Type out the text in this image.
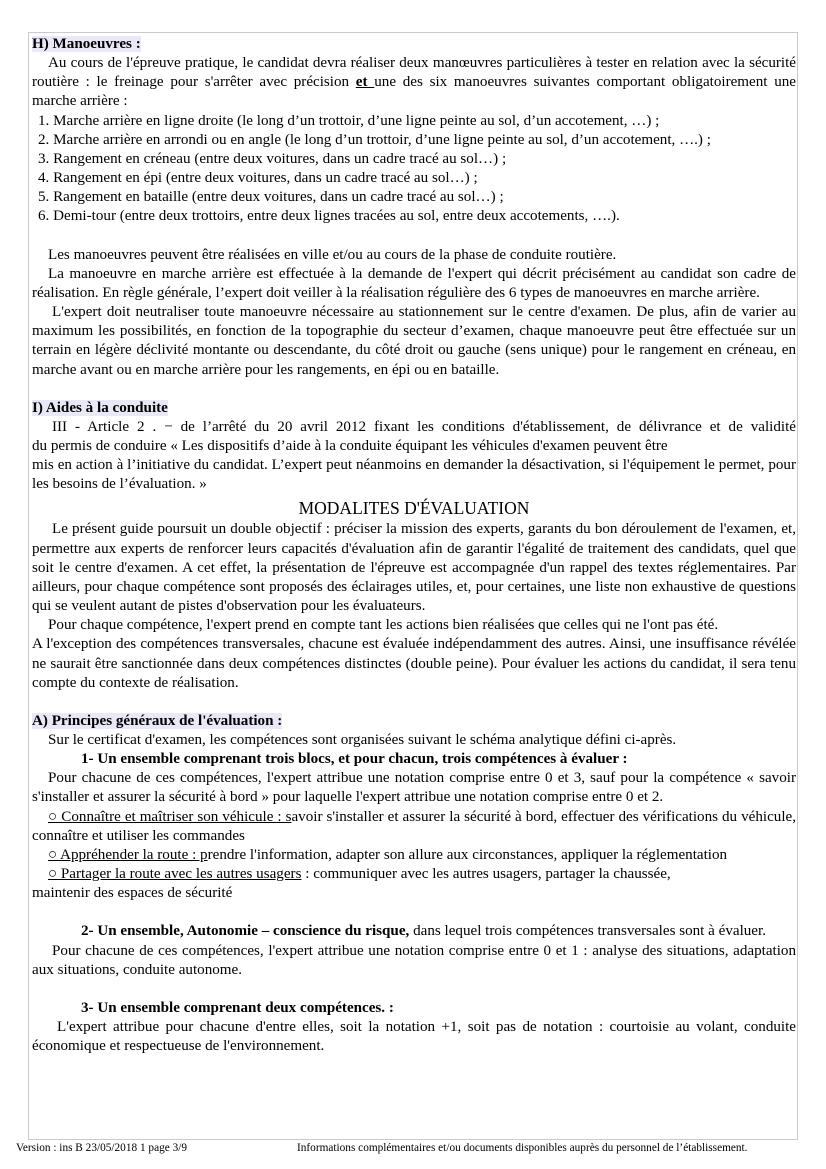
H) Manoeuvres :

Au cours de l'épreuve pratique, le candidat devra réaliser deux manœuvres particulières à tester en relation avec la sécurité routière : le freinage pour s'arrêter avec précision et une des six manoeuvres suivantes comportant obligatoirement une marche arrière :

1. Marche arrière en ligne droite (le long d’un trottoir, d’une ligne peinte au sol, d’un accotement, …) ;

2. Marche arrière en arrondi ou en angle (le long d’un trottoir, d’une ligne peinte au sol, d’un accotement, ….) ;

3. Rangement en créneau (entre deux voitures, dans un cadre tracé au sol…) ;

4. Rangement en épi (entre deux voitures, dans un cadre tracé au sol…) ;

5. Rangement en bataille (entre deux voitures, dans un cadre tracé au sol…) ;

6. Demi-tour (entre deux trottoirs, entre deux lignes tracées au sol, entre deux accotements, ….).

Les manoeuvres peuvent être réalisées en ville et/ou au cours de la phase de conduite routière.

La manoeuvre en marche arrière est effectuée à la demande de l'expert qui décrit précisément au candidat son cadre de réalisation. En règle générale, l’expert doit veiller à la réalisation régulière des 6 types de manoeuvres en marche arrière.

L'expert doit neutraliser toute manoeuvre nécessaire au stationnement sur le centre d'examen. De plus, afin de varier au maximum les possibilités, en fonction de la topographie du secteur d’examen, chaque manoeuvre peut être effectuée sur un terrain en légère déclivité montante ou descendante, du côté droit ou gauche (sens unique) pour le rangement en créneau, en marche avant ou en marche arrière pour les rangements, en épi ou en bataille.

I) Aides à la conduite

III - Article 2 . − de l’arrêté du 20 avril 2012 fixant les conditions d'établissement, de délivrance et de validité

du permis de conduire « Les dispositifs d’aide à la conduite équipant les véhicules d'examen peuvent être

mis en action à l’initiative du candidat. L’expert peut néanmoins en demander la désactivation, si l'équipement le permet, pour les besoins de l’évaluation. »

MODALITES D'ÉVALUATION

Le présent guide poursuit un double objectif : préciser la mission des experts, garants du bon déroulement de l'examen, et, permettre aux experts de renforcer leurs capacités d'évaluation afin de garantir l'égalité de traitement des candidats, quel que soit le centre d'examen. A cet effet, la présentation de l'épreuve est accompagnée d'un rappel des textes réglementaires. Par ailleurs, pour chaque compétence sont proposés des éclairages utiles, et, pour certaines, une liste non exhaustive de questions qui se veulent autant de pistes d'observation pour les évaluateurs.

Pour chaque compétence, l'expert prend en compte tant les actions bien réalisées que celles qui ne l'ont pas été.

A l'exception des compétences transversales, chacune est évaluée indépendamment des autres. Ainsi, une insuffisance révélée ne saurait être sanctionnée dans deux compétences distinctes (double peine). Pour évaluer les actions du candidat, il sera tenu compte du contexte de réalisation.

A) Principes généraux de l'évaluation :

Sur le certificat d'examen, les compétences sont organisées suivant le schéma analytique défini ci-après.

1- Un ensemble comprenant trois blocs, et pour chacun, trois compétences à évaluer :

Pour chacune de ces compétences, l'expert attribue une notation comprise entre 0 et 3, sauf pour la compétence « savoir s'installer et assurer la sécurité à bord » pour laquelle l'expert attribue une notation comprise entre 0 et 2.

○ Connaître et maîtriser son véhicule : savoir s'installer et assurer la sécurité à bord, effectuer des vérifications du véhicule, connaître et utiliser les commandes

○ Appréhender la route : prendre l'information, adapter son allure aux circonstances, appliquer la réglementation

○ Partager la route avec les autres usagers : communiquer avec les autres usagers, partager la chaussée,

maintenir des espaces de sécurité

2- Un ensemble, Autonomie – conscience du risque, dans lequel trois compétences transversales sont à évaluer.

Pour chacune de ces compétences, l'expert attribue une notation comprise entre 0 et 1 : analyse des situations, adaptation aux situations, conduite autonome.

3- Un ensemble comprenant deux compétences. :

L'expert attribue pour chacune d'entre elles, soit la notation +1, soit pas de notation : courtoisie au volant, conduite économique et respectueuse de l'environnement.

Version : ins B 23/05/2018 1 page 3/9	Informations complémentaires et/ou documents disponibles auprès du personnel de l’établissement.
